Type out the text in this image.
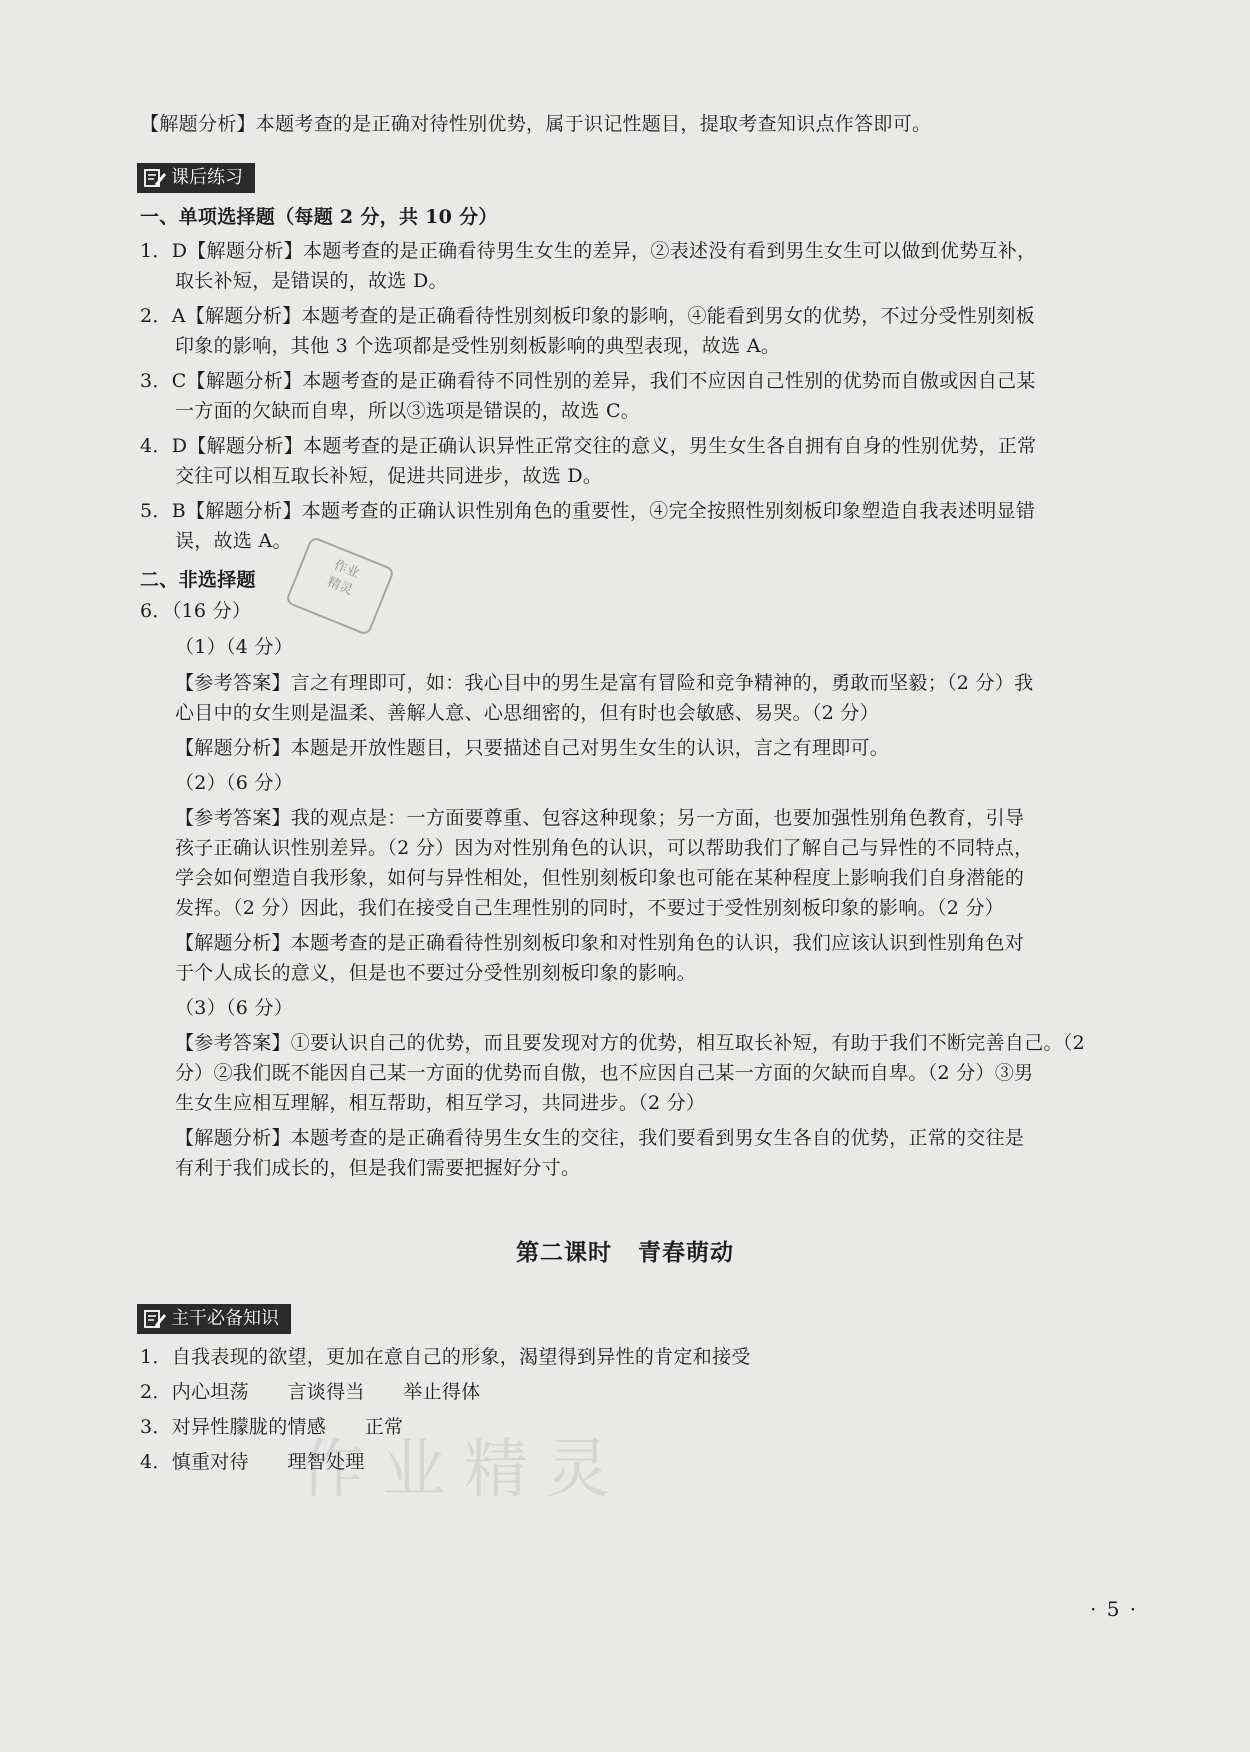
作业精灵
【解题分析】本题考查的是正确对待性别优势，属于识记性题目，提取考查知识点作答即可。
课后练习
一、单项选择题（每题 2 分，共 10 分）
1．D【解题分析】本题考查的是正确看待男生女生的差异，②表述没有看到男生女生可以做到优势互补，
取长补短，是错误的，故选 D。
2．A【解题分析】本题考查的是正确看待性别刻板印象的影响，④能看到男女的优势，不过分受性别刻板
印象的影响，其他 3 个选项都是受性别刻板影响的典型表现，故选 A。
3．C【解题分析】本题考查的是正确看待不同性别的差异，我们不应因自己性别的优势而自傲或因自己某
一方面的欠缺而自卑，所以③选项是错误的，故选 C。
4．D【解题分析】本题考查的是正确认识异性正常交往的意义，男生女生各自拥有自身的性别优势，正常
交往可以相互取长补短，促进共同进步，故选 D。
5．B【解题分析】本题考查的正确认识性别角色的重要性，④完全按照性别刻板印象塑造自我表述明显错
误，故选 A。
作业
精灵
二、非选择题
6．（16 分）
（1）（4 分）
【参考答案】言之有理即可，如：我心目中的男生是富有冒险和竞争精神的，勇敢而坚毅；（2 分）我
心目中的女生则是温柔、善解人意、心思细密的，但有时也会敏感、易哭。（2 分）
【解题分析】本题是开放性题目，只要描述自己对男生女生的认识，言之有理即可。
（2）（6 分）
【参考答案】我的观点是：一方面要尊重、包容这种现象；另一方面，也要加强性别角色教育，引导
孩子正确认识性别差异。（2 分）因为对性别角色的认识，可以帮助我们了解自己与异性的不同特点，
学会如何塑造自我形象，如何与异性相处，但性别刻板印象也可能在某种程度上影响我们自身潜能的
发挥。（2 分）因此，我们在接受自己生理性别的同时，不要过于受性别刻板印象的影响。（2 分）
【解题分析】本题考查的是正确看待性别刻板印象和对性别角色的认识，我们应该认识到性别角色对
于个人成长的意义，但是也不要过分受性别刻板印象的影响。
（3）（6 分）
【参考答案】①要认识自己的优势，而且要发现对方的优势，相互取长补短，有助于我们不断完善自己。（2
分）②我们既不能因自己某一方面的优势而自傲，也不应因自己某一方面的欠缺而自卑。（2 分）③男
生女生应相互理解，相互帮助，相互学习，共同进步。（2 分）
【解题分析】本题考查的是正确看待男生女生的交往，我们要看到男女生各自的优势，正常的交往是
有利于我们成长的，但是我们需要把握好分寸。
第二课时 青春萌动
主干必备知识
1．自我表现的欲望，更加在意自己的形象，渴望得到异性的肯定和接受
2．内心坦荡　　言谈得当　　举止得体
3．对异性朦胧的情感　　正常
4．慎重对待　　理智处理
· 5 ·
